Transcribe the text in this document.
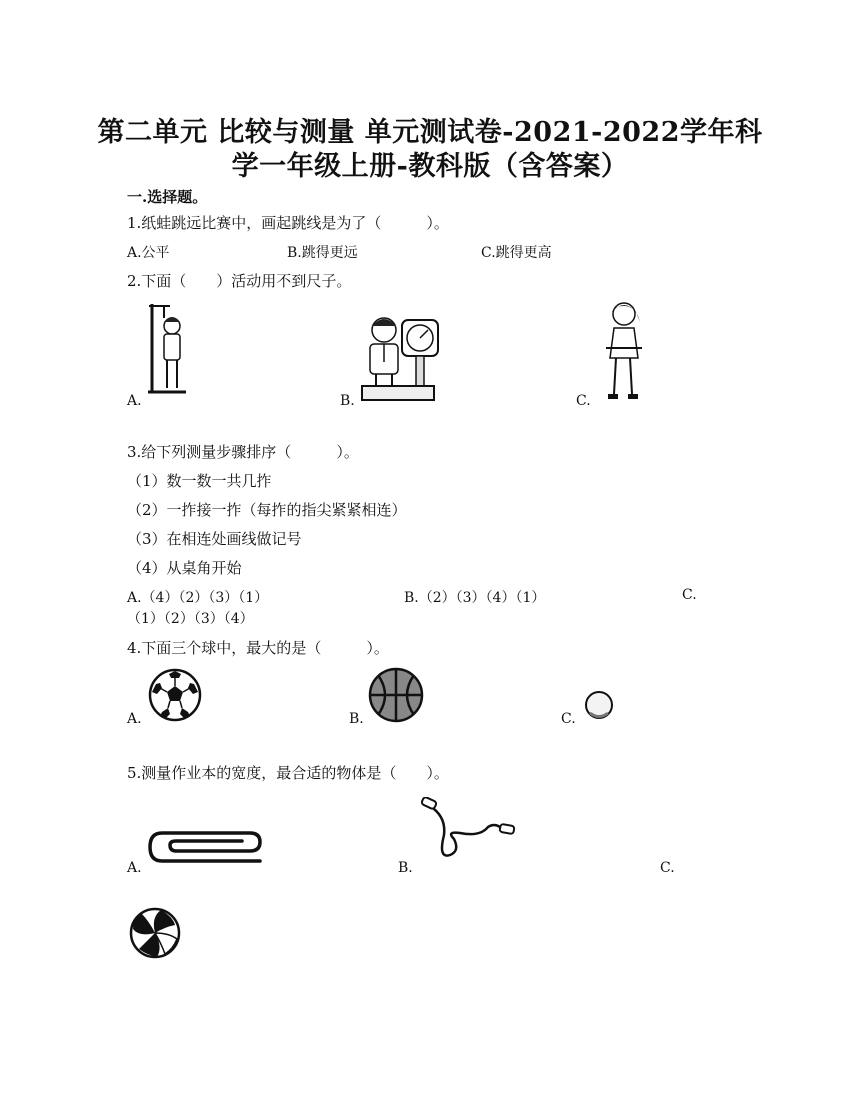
第二单元 比较与测量 单元测试卷-2021-2022学年科
学一年级上册-教科版（含答案）
一.选择题。
1.纸蛙跳远比赛中，画起跳线是为了（　　　）。
A.公平	B.跳得更远	C.跳得更高
2.下面（　　）活动用不到尺子。
A.	B.	C.
3.给下列测量步骤排序（　　　）。
（1）数一数一共几拃
（2）一拃接一拃（每拃的指尖紧紧相连）
（3）在相连处画线做记号
（4）从桌角开始
A.（4）（2）（3）（1）	B.（2）（3）（4）（1）	C.
（1）（2）（3）（4）
4.下面三个球中，最大的是（　　　）。
A.	B.	C.
5.测量作业本的宽度，最合适的物体是（　　）。
A.	B.	C.
